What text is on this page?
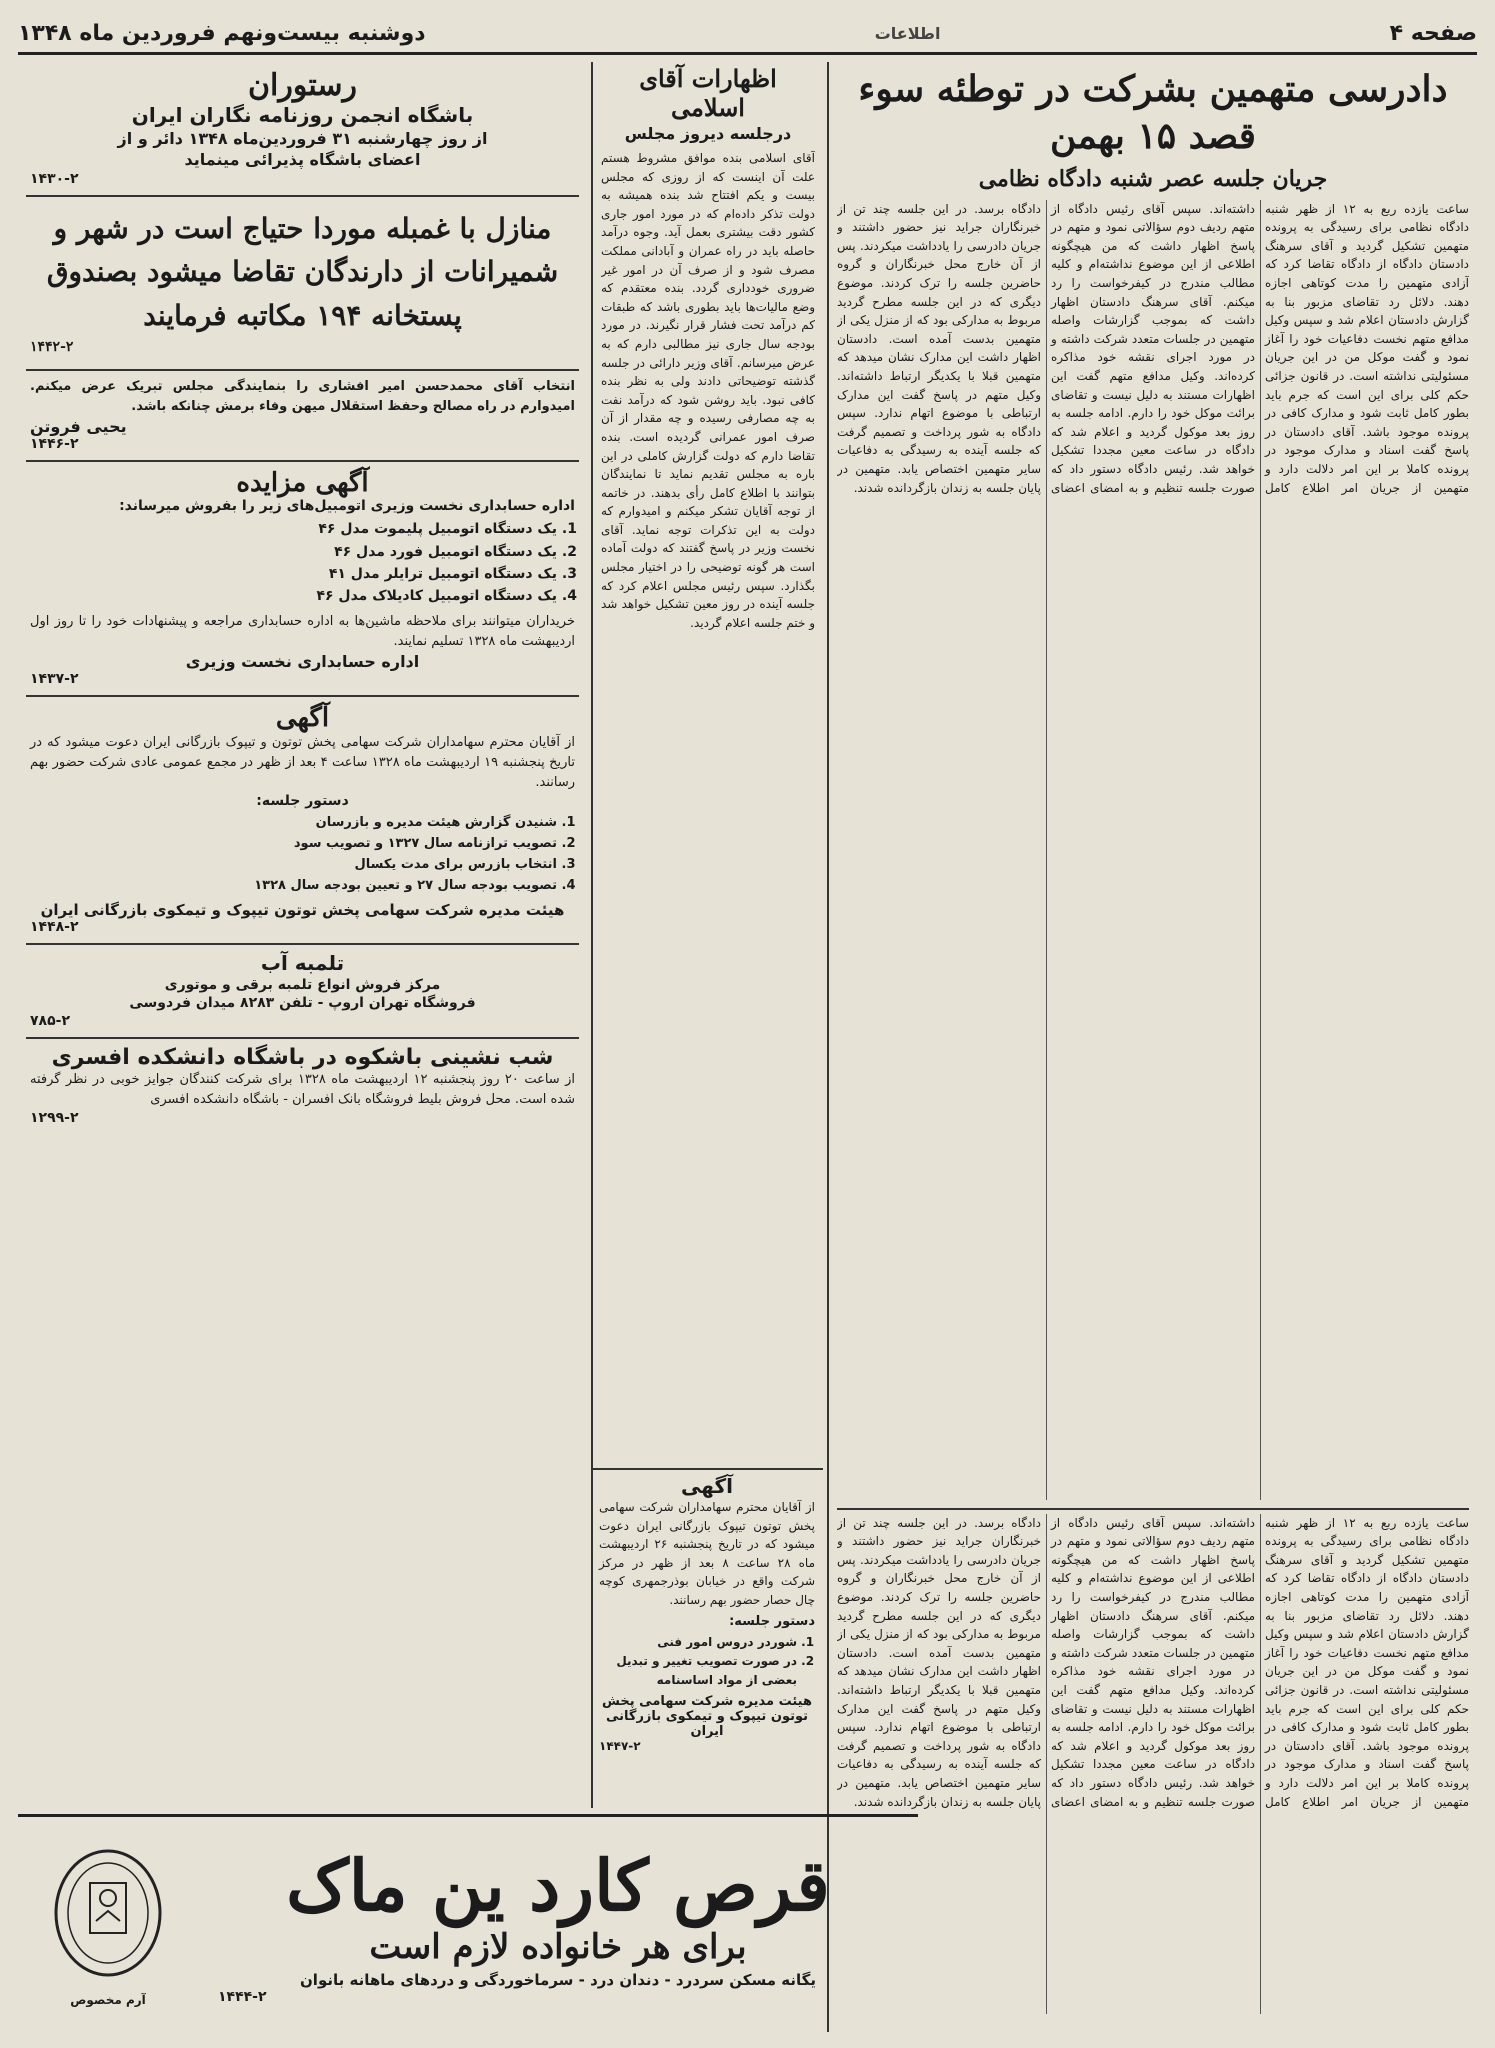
صفحه ۴
اطلاعات
دوشنبه بیست‌ونهم فروردین ماه ۱۳۴۸
دادرسی متهمین بشرکت در توطئه سوء قصد ۱۵ بهمن
جریان جلسه عصر شنبه دادگاه نظامی
ساعت یازده ربع به ۱۲ از ظهر شنبه دادگاه نظامی برای رسیدگی به پرونده متهمین تشکیل گردید و آقای سرهنگ دادستان دادگاه از دادگاه تقاضا کرد که آزادی متهمین را مدت کوتاهی اجازه دهند. دلائل رد تقاضای مزبور بنا به گزارش دادستان اعلام شد و سپس وکیل مدافع متهم نخست دفاعیات خود را آغاز نمود و گفت موکل من در این جریان مسئولیتی نداشته است. در قانون جزائی حکم کلی برای این است که جرم باید بطور کامل ثابت شود و مدارک کافی در پرونده موجود باشد. آقای دادستان در پاسخ گفت اسناد و مدارک موجود در پرونده کاملا بر این امر دلالت دارد و متهمین از جریان امر اطلاع کامل داشته‌اند. سپس آقای رئیس دادگاه از متهم ردیف دوم سؤالاتی نمود و متهم در پاسخ اظهار داشت که من هیچگونه اطلاعی از این موضوع نداشته‌ام و کلیه مطالب مندرج در کیفرخواست را رد میکنم. آقای سرهنگ دادستان اظهار داشت که بموجب گزارشات واصله متهمین در جلسات متعدد شرکت داشته و در مورد اجرای نقشه خود مذاکره کرده‌اند. وکیل مدافع متهم گفت این اظهارات مستند به دلیل نیست و تقاضای برائت موکل خود را دارم. ادامه جلسه به روز بعد موکول گردید و اعلام شد که دادگاه در ساعت معین مجددا تشکیل خواهد شد. رئیس دادگاه دستور داد که صورت جلسه تنظیم و به امضای اعضای دادگاه برسد. در این جلسه چند تن از خبرنگاران جراید نیز حضور داشتند و جریان دادرسی را یادداشت میکردند. پس از آن خارج محل خبرنگاران و گروه حاضرین جلسه را ترک کردند. موضوع دیگری که در این جلسه مطرح گردید مربوط به مدارکی بود که از منزل یکی از متهمین بدست آمده است. دادستان اظهار داشت این مدارک نشان میدهد که متهمین قبلا با یکدیگر ارتباط داشته‌اند. وکیل متهم در پاسخ گفت این مدارک ارتباطی با موضوع اتهام ندارد. سپس دادگاه به شور پرداخت و تصمیم گرفت که جلسه آینده به رسیدگی به دفاعیات سایر متهمین اختصاص یابد. متهمین در پایان جلسه به زندان بازگردانده شدند.
ساعت یازده ربع به ۱۲ از ظهر شنبه دادگاه نظامی برای رسیدگی به پرونده متهمین تشکیل گردید و آقای سرهنگ دادستان دادگاه از دادگاه تقاضا کرد که آزادی متهمین را مدت کوتاهی اجازه دهند. دلائل رد تقاضای مزبور بنا به گزارش دادستان اعلام شد و سپس وکیل مدافع متهم نخست دفاعیات خود را آغاز نمود و گفت موکل من در این جریان مسئولیتی نداشته است. در قانون جزائی حکم کلی برای این است که جرم باید بطور کامل ثابت شود و مدارک کافی در پرونده موجود باشد. آقای دادستان در پاسخ گفت اسناد و مدارک موجود در پرونده کاملا بر این امر دلالت دارد و متهمین از جریان امر اطلاع کامل داشته‌اند. سپس آقای رئیس دادگاه از متهم ردیف دوم سؤالاتی نمود و متهم در پاسخ اظهار داشت که من هیچگونه اطلاعی از این موضوع نداشته‌ام و کلیه مطالب مندرج در کیفرخواست را رد میکنم. آقای سرهنگ دادستان اظهار داشت که بموجب گزارشات واصله متهمین در جلسات متعدد شرکت داشته و در مورد اجرای نقشه خود مذاکره کرده‌اند. وکیل مدافع متهم گفت این اظهارات مستند به دلیل نیست و تقاضای برائت موکل خود را دارم. ادامه جلسه به روز بعد موکول گردید و اعلام شد که دادگاه در ساعت معین مجددا تشکیل خواهد شد. رئیس دادگاه دستور داد که صورت جلسه تنظیم و به امضای اعضای دادگاه برسد. در این جلسه چند تن از خبرنگاران جراید نیز حضور داشتند و جریان دادرسی را یادداشت میکردند. پس از آن خارج محل خبرنگاران و گروه حاضرین جلسه را ترک کردند. موضوع دیگری که در این جلسه مطرح گردید مربوط به مدارکی بود که از منزل یکی از متهمین بدست آمده است. دادستان اظهار داشت این مدارک نشان میدهد که متهمین قبلا با یکدیگر ارتباط داشته‌اند. وکیل متهم در پاسخ گفت این مدارک ارتباطی با موضوع اتهام ندارد. سپس دادگاه به شور پرداخت و تصمیم گرفت که جلسه آینده به رسیدگی به دفاعیات سایر متهمین اختصاص یابد. متهمین در پایان جلسه به زندان بازگردانده شدند.
اظهارات آقای اسلامی
درجلسه دیروز مجلس
آقای اسلامی بنده موافق مشروط هستم علت آن اینست که از روزی که مجلس بیست و یکم افتتاح شد بنده همیشه به دولت تذکر داده‌ام که در مورد امور جاری کشور دقت بیشتری بعمل آید. وجوه درآمد حاصله باید در راه عمران و آبادانی مملکت مصرف شود و از صرف آن در امور غیر ضروری خودداری گردد. بنده معتقدم که وضع مالیات‌ها باید بطوری باشد که طبقات کم درآمد تحت فشار قرار نگیرند. در مورد بودجه سال جاری نیز مطالبی دارم که به عرض میرسانم. آقای وزیر دارائی در جلسه گذشته توضیحاتی دادند ولی به نظر بنده کافی نبود. باید روشن شود که درآمد نفت به چه مصارفی رسیده و چه مقدار از آن صرف امور عمرانی گردیده است. بنده تقاضا دارم که دولت گزارش کاملی در این باره به مجلس تقدیم نماید تا نمایندگان بتوانند با اطلاع کامل رأی بدهند. در خاتمه از توجه آقایان تشکر میکنم و امیدوارم که دولت به این تذکرات توجه نماید. آقای نخست وزیر در پاسخ گفتند که دولت آماده است هر گونه توضیحی را در اختیار مجلس بگذارد. سپس رئیس مجلس اعلام کرد که جلسه آینده در روز معین تشکیل خواهد شد و ختم جلسه اعلام گردید.
آگهی
از آقایان محترم سهامداران شرکت سهامی پخش توتون تیپوک بازرگانی ایران دعوت میشود که در تاریخ پنجشنبه ۲۶ اردیبهشت ماه ۲۸ ساعت ۸ بعد از ظهر در مرکز شرکت واقع در خیابان بوذرجمهری کوچه چال حصار حضور بهم رسانند.
دستور جلسه:
1. شوردر دروس امور فنی
2. در صورت تصویب تغییر و تبدیل بعضی از مواد اساسنامه
هیئت مدیره شرکت سهامی پخش توتون تیپوک و تیمکوی بازرگانی ایران
۱۴۴۷-۲
رستوران
باشگاه انجمن روزنامه نگاران ایران
از روز چهارشنبه ۳۱ فروردین‌ماه ۱۳۴۸ دائر و از
اعضای باشگاه پذیرائی مینماید
۱۴۳۰-۲
منازل با غمبله موردا حتیاج است در شهر و شمیرانات از دارندگان تقاضا میشود بصندوق پستخانه ۱۹۴ مکاتبه فرمایند
۱۴۴۲-۲
انتخاب آقای محمدحسن امیر افشاری را بنمایندگی مجلس تبریک عرض میکنم. امیدوارم در راه مصالح وحفظ استقلال میهن وفاء برمش چنانکه باشد.
یحیی فروتن
۱۴۴۶-۲
آگهی مزایده
اداره حسابداری نخست وزیری اتومبیل‌های زیر را بفروش میرساند:
1. یک دستگاه اتومبیل پلیموت مدل ۴۶
2. یک دستگاه اتومبیل فورد مدل ۴۶
3. یک دستگاه اتومبیل ترایلر مدل ۴۱
4. یک دستگاه اتومبیل کادیلاک مدل ۴۶
خریداران میتوانند برای ملاحظه ماشین‌ها به اداره حسابداری مراجعه و پیشنهادات خود را تا روز اول اردیبهشت ماه ۱۳۲۸ تسلیم نمایند.
اداره حسابداری نخست وزیری
۱۴۳۷-۲
آگهی
از آقایان محترم سهامداران شرکت سهامی پخش توتون و تیپوک بازرگانی ایران دعوت میشود که در تاریخ پنجشنبه ۱۹ اردیبهشت ماه ۱۳۲۸ ساعت ۴ بعد از ظهر در مجمع عمومی عادی شرکت حضور بهم رسانند.
دستور جلسه:
1. شنیدن گزارش هیئت مدیره و بازرسان
2. تصویب ترازنامه سال ۱۳۲۷ و تصویب سود
3. انتخاب بازرس برای مدت یکسال
4. تصویب بودجه سال ۲۷ و تعیین بودجه سال ۱۳۲۸
هیئت مدیره شرکت سهامی پخش توتون تیپوک و تیمکوی بازرگانی ایران
۱۴۴۸-۲
تلمبه آب
مرکز فروش انواع تلمبه برقی و موتوری
فروشگاه تهران اروپ - تلفن ۸۲۸۳ میدان فردوسی
۷۸۵-۲
شب نشینی باشکوه در باشگاه دانشکده افسری
از ساعت ۲۰ روز پنجشنبه ۱۲ اردیبهشت ماه ۱۳۲۸ برای شرکت کنندگان جوایز خوبی در نظر گرفته شده است. محل فروش بلیط فروشگاه بانک افسران - باشگاه دانشکده افسری
۱۲۹۹-۲
قرص کارد ین ماک
برای هر خانواده لازم است
یگانه مسکن سردرد - دندان درد - سرماخوردگی و دردهای ماهانه بانوان
۱۴۴۴-۲
آرم مخصوص
